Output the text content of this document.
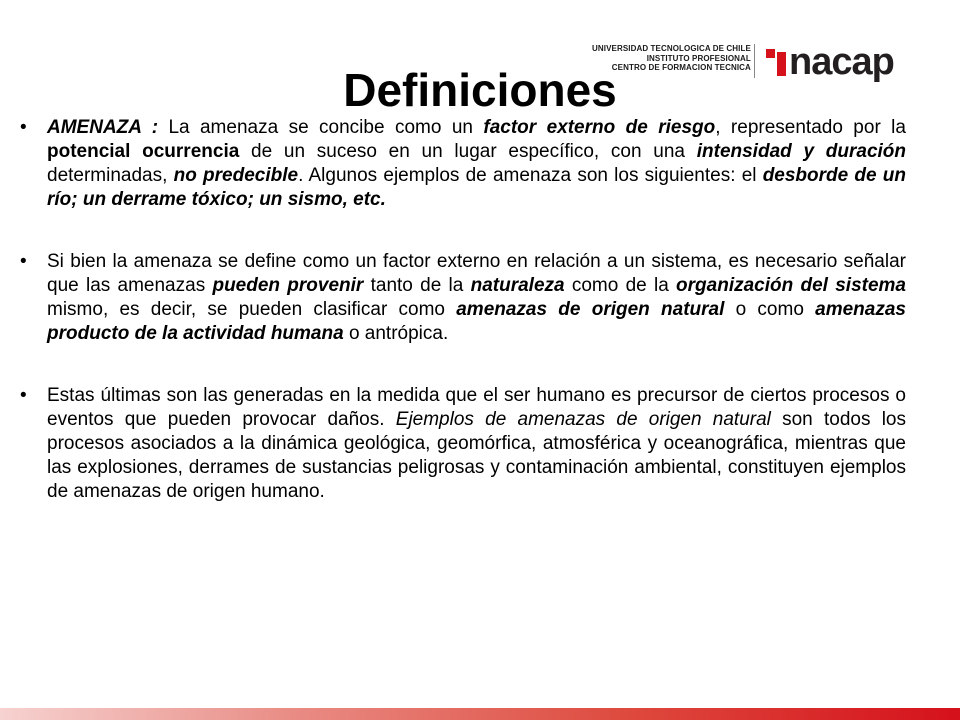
UNIVERSIDAD TECNOLOGICA DE CHILE
INSTITUTO PROFESIONAL
CENTRO DE FORMACION TECNICA nacap
Definiciones

• AMENAZA : La amenaza se concibe como un factor externo de riesgo, representado por la potencial ocurrencia de un suceso en un lugar específico, con una intensidad y duración determinadas, no predecible. Algunos ejemplos de amenaza son los siguientes: el desborde de un río; un derrame tóxico; un sismo, etc.

• Si bien la amenaza se define como un factor externo en relación a un sistema, es necesario señalar que las amenazas pueden provenir tanto de la naturaleza como de la organización del sistema mismo, es decir, se pueden clasificar como amenazas de origen natural o como amenazas producto de la actividad humana o antrópica.

• Estas últimas son las generadas en la medida que el ser humano es precursor de ciertos procesos o eventos que pueden provocar daños. Ejemplos de amenazas de origen natural son todos los procesos asociados a la dinámica geológica, geomórfica, atmosférica y oceanográfica, mientras que las explosiones, derrames de sustancias peligrosas y contaminación ambiental, constituyen ejemplos de amenazas de origen humano.
